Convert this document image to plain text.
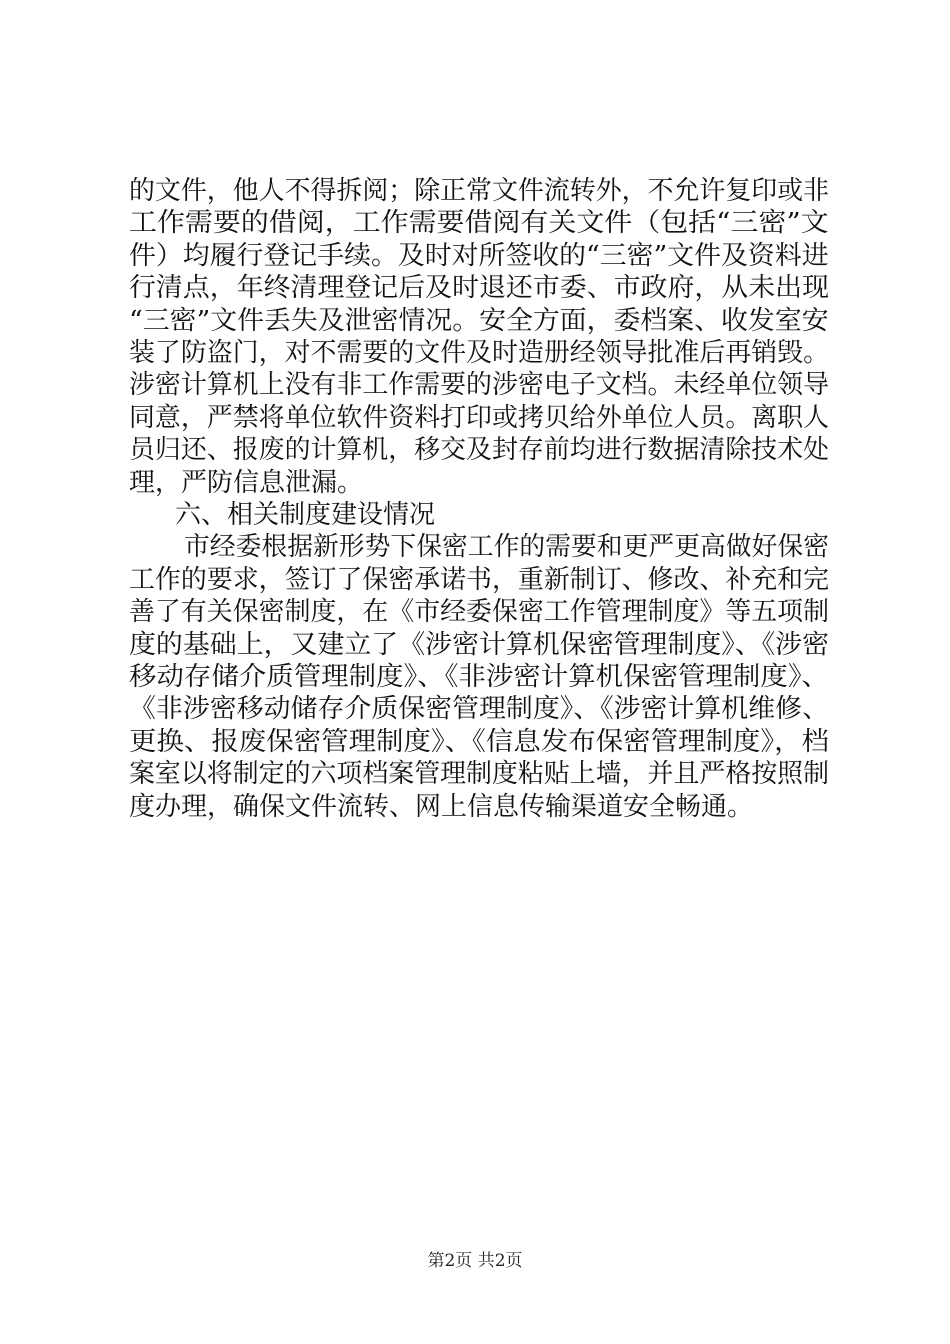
的文件，他人不得拆阅；除正常文件流转外，不允许复印或非
工作需要的借阅，工作需要借阅有关文件（包括“三密”文
件）均履行登记手续。及时对所签收的“三密”文件及资料进
行清点，年终清理登记后及时退还市委、市政府，从未出现
“三密”文件丢失及泄密情况。安全方面，委档案、收发室安
装了防盗门，对不需要的文件及时造册经领导批准后再销毁。
涉密计算机上没有非工作需要的涉密电子文档。未经单位领导
同意，严禁将单位软件资料打印或拷贝给外单位人员。离职人
员归还、报废的计算机，移交及封存前均进行数据清除技术处
理，严防信息泄漏。
六、相关制度建设情况
市经委根据新形势下保密工作的需要和更严更高做好保密
工作的要求，签订了保密承诺书，重新制订、修改、补充和完
善了有关保密制度，在《市经委保密工作管理制度》等五项制
度的基础上，又建立了《涉密计算机保密管理制度》、《涉密
移动存储介质管理制度》、《非涉密计算机保密管理制度》、
《非涉密移动储存介质保密管理制度》、《涉密计算机维修、
更换、报废保密管理制度》、《信息发布保密管理制度》，档
案室以将制定的六项档案管理制度粘贴上墙，并且严格按照制
度办理，确保文件流转、网上信息传输渠道安全畅通。
第2页 共2页
